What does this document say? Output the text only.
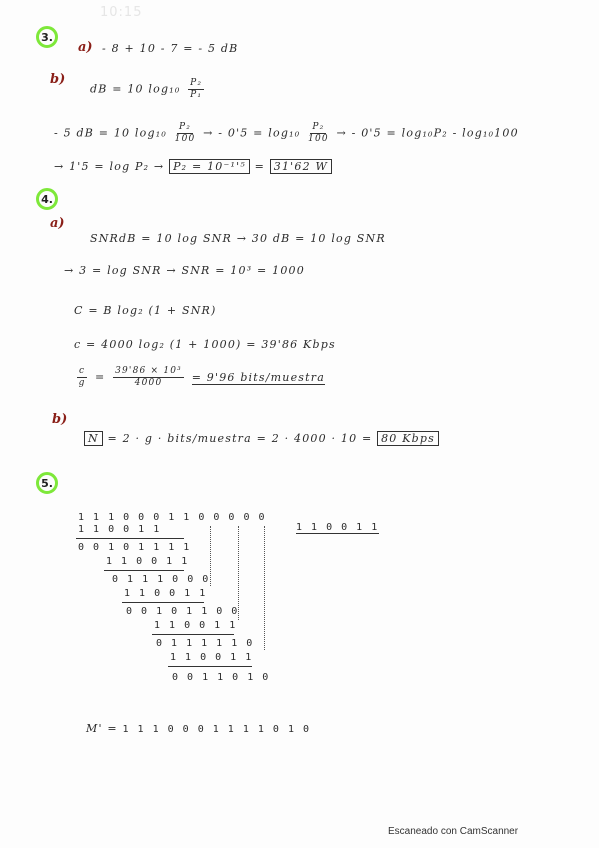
10:15
3.
a) - 8 + 10 - 7 = - 5 dB
b)
dB = 10 $\log_{10} \frac{\text{P₂}}{\text{P₁}}$
- 5 dB = 10 $\log_{10} \frac{\text{P₂}}{100}$ → - $0'5 = \log_{10} \frac{\text{P₂}}{100}$ → - 0'5 = log₁₀P₂ - log₁₀100
→ 1'5 = log P₂ → P₂ = 10⁻¹'⁵ = 31'62 W
4.
a)
SNRdB = 10 log SNR → 30 dB = 10 log SNR
→ 3 = log SNR → SNR = 10³ = 1000
C = B log₂ (1 + SNR)
c = 4000 log₂ (1 + 1000) = 39'86 Kbps
$\frac{c}{g} = \frac{\text{39'86 × 10³}}{4000} = 9'96$ bits/muestra
b)
N = 2 · g · bits/muestra = 2 · 4000 · 10 = 80 Kbps
5.
1 1 1 0 0 0 1 1 0 0 0 0 0
1 1 0 0 1 1	1 1 0 0 1 1
0 0 1 0 1 1 1 1
1 1 0 0 1 1
0 1 1 1 0 0 0
1 1 0 0 1 1
0 0 1 0 1 1 0 0
1 1 0 0 1 1
0 1 1 1 1 1 0
1 1 0 0 1 1
0 0 1 1 0 1 0
M' = 1 1 1 0 0 0 1 1 1 1 0 1 0
Escaneado con CamScanner
